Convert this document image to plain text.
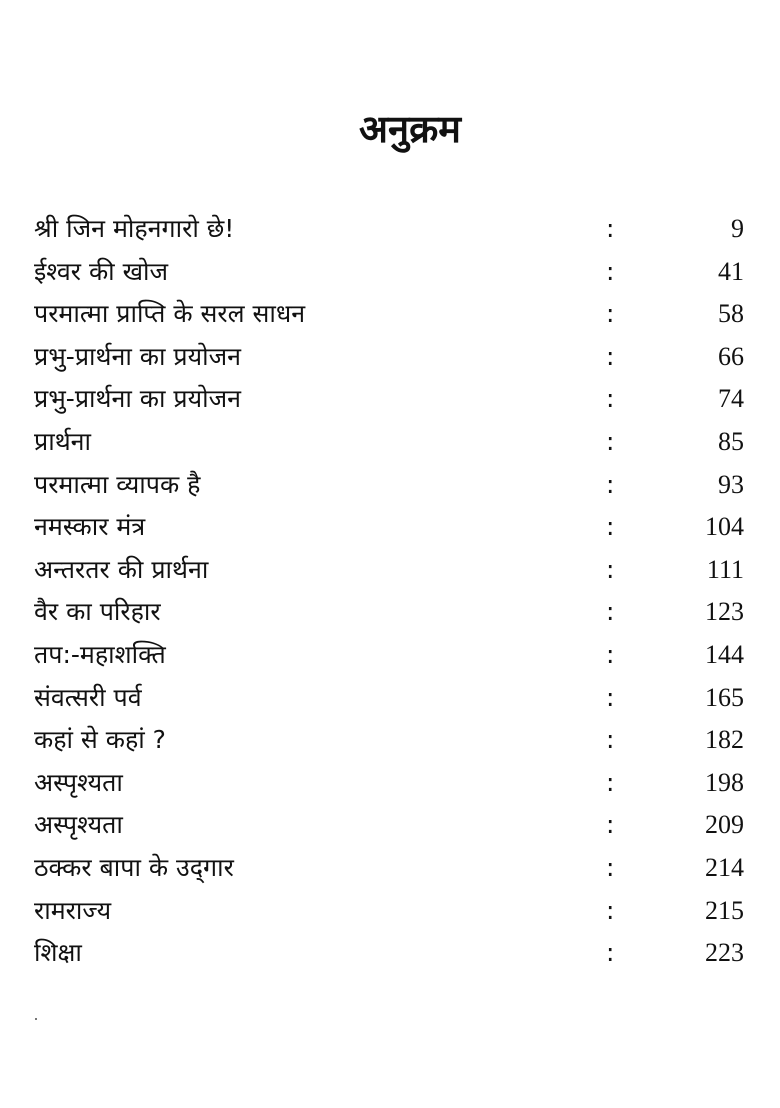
अनुक्रम
श्री जिन मोहनगारो छे!	:	9
ईश्वर की खोज	:	41
परमात्मा प्राप्ति के सरल साधन	:	58
प्रभु-प्रार्थना का प्रयोजन	:	66
प्रभु-प्रार्थना का प्रयोजन	:	74
प्रार्थना	:	85
परमात्मा व्यापक है	:	93
नमस्कार मंत्र	:	104
अन्तरतर की प्रार्थना	:	111
वैर का परिहार	:	123
तप:-महाशक्ति	:	144
संवत्सरी पर्व	:	165
कहां से कहां ?	:	182
अस्पृश्यता	:	198
अस्पृश्यता	:	209
ठक्कर बापा के उद्‌गार	:	214
रामराज्य	:	215
शिक्षा	:	223
